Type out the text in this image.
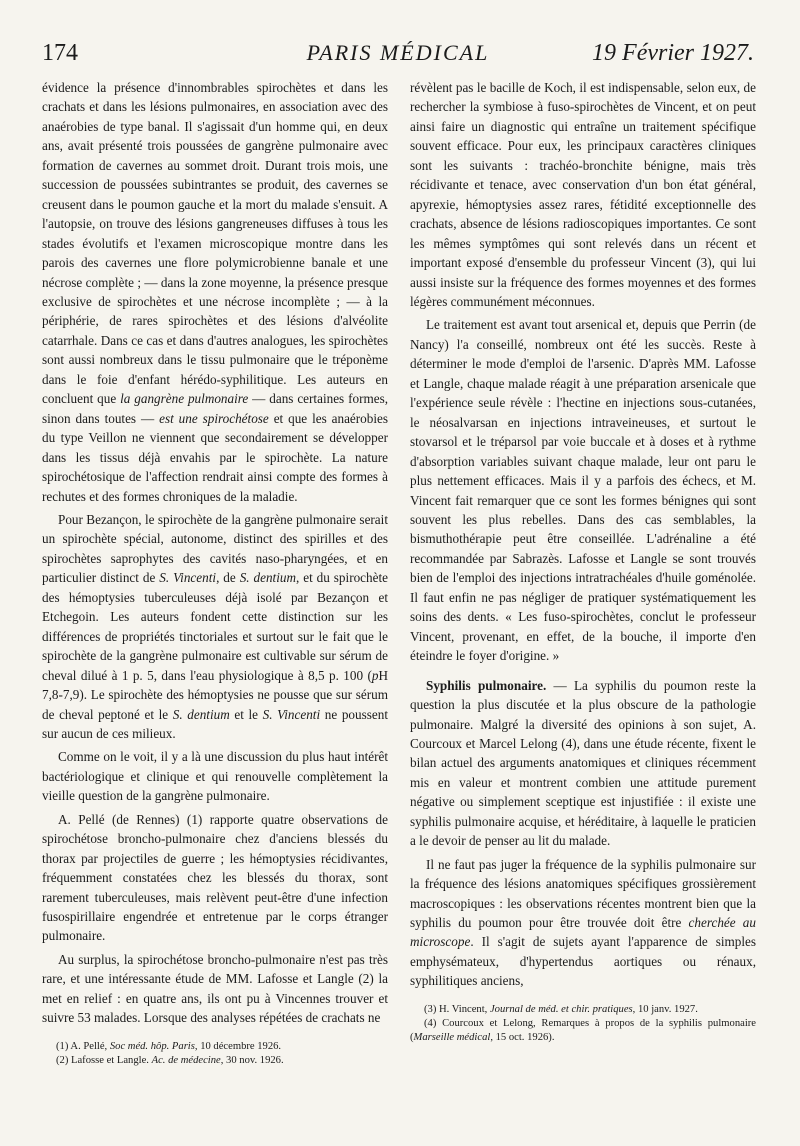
174	PARIS MÉDICAL	19 Février 1927.

évidence la présence d'innombrables spirochètes et dans les crachats et dans les lésions pulmonaires, en association avec des anaérobies de type banal. Il s'agissait d'un homme qui, en deux ans, avait présenté trois poussées de gangrène pulmonaire avec formation de cavernes au sommet droit. Durant trois mois, une succession de poussées subintrantes se produit, des cavernes se creusent dans le poumon gauche et la mort du malade s'ensuit. A l'autopsie, on trouve des lésions gangreneuses diffuses à tous les stades évolutifs et l'examen microscopique montre dans les parois des cavernes une flore polymicrobienne banale et une nécrose complète ; — dans la zone moyenne, la présence presque exclusive de spirochètes et une nécrose incomplète ; — à la périphérie, de rares spirochètes et des lésions d'alvéolite catarrhale. Dans ce cas et dans d'autres analogues, les spirochètes sont aussi nombreux dans le tissu pulmonaire que le tréponème dans le foie d'enfant hérédo-syphilitique. Les auteurs en concluent que la gangrène pulmonaire — dans certaines formes, sinon dans toutes — est une spirochétose et que les anaérobies du type Veillon ne viennent que secondairement se développer dans les tissus déjà envahis par le spirochète. La nature spirochétosique de l'affection rendrait ainsi compte des formes à rechutes et des formes chroniques de la maladie.

Pour Bezançon, le spirochète de la gangrène pulmonaire serait un spirochète spécial, autonome, distinct des spirilles et des spirochètes saprophytes des cavités naso-pharyngées, et en particulier distinct de S. Vincenti, de S. dentium, et du spirochète des hémoptysies tuberculeuses déjà isolé par Bezançon et Etchegoin. Les auteurs fondent cette distinction sur les différences de propriétés tinctoriales et surtout sur le fait que le spirochète de la gangrène pulmonaire est cultivable sur sérum de cheval dilué à 1 p. 5, dans l'eau physiologique à 8,5 p. 100 (pH 7,8-7,9). Le spirochète des hémoptysies ne pousse que sur sérum de cheval peptoné et le S. dentium et le S. Vincenti ne poussent sur aucun de ces milieux.

Comme on le voit, il y a là une discussion du plus haut intérêt bactériologique et clinique et qui renouvelle complètement la vieille question de la gangrène pulmonaire.

A. Pellé (de Rennes) (1) rapporte quatre observations de spirochétose broncho-pulmonaire chez d'anciens blessés du thorax par projectiles de guerre ; les hémoptysies récidivantes, fréquemment constatées chez les blessés du thorax, sont rarement tuberculeuses, mais relèvent peut-être d'une infection fusospirillaire engendrée et entretenue par le corps étranger pulmonaire.

Au surplus, la spirochétose broncho-pulmonaire n'est pas très rare, et une intéressante étude de MM. Lafosse et Langle (2) la met en relief : en quatre ans, ils ont pu à Vincennes trouver et suivre 53 malades. Lorsque des analyses répétées de crachats ne

(1) A. Pellé, Soc méd. hôp. Paris, 10 décembre 1926.

(2) Lafosse et Langle. Ac. de médecine, 30 nov. 1926.

révèlent pas le bacille de Koch, il est indispensable, selon eux, de rechercher la symbiose à fuso-spirochètes de Vincent, et on peut ainsi faire un diagnostic qui entraîne un traitement spécifique souvent efficace. Pour eux, les principaux caractères cliniques sont les suivants : trachéo-bronchite bénigne, mais très récidivante et tenace, avec conservation d'un bon état général, apyrexie, hémoptysies assez rares, fétidité exceptionnelle des crachats, absence de lésions radioscopiques importantes. Ce sont les mêmes symptômes qui sont relevés dans un récent et important exposé d'ensemble du professeur Vincent (3), qui lui aussi insiste sur la fréquence des formes moyennes et des formes légères communément méconnues.

Le traitement est avant tout arsenical et, depuis que Perrin (de Nancy) l'a conseillé, nombreux ont été les succès. Reste à déterminer le mode d'emploi de l'arsenic. D'après MM. Lafosse et Langle, chaque malade réagit à une préparation arsenicale que l'expérience seule révèle : l'hectine en injections sous-cutanées, le néosalvarsan en injections intraveineuses, et surtout le stovarsol et le tréparsol par voie buccale et à doses et à rythme d'absorption variables suivant chaque malade, leur ont paru le plus nettement efficaces. Mais il y a parfois des échecs, et M. Vincent fait remarquer que ce sont les formes bénignes qui sont souvent les plus rebelles. Dans des cas semblables, la bismuthothérapie peut être conseillée. L'adrénaline a été recommandée par Sabrazès. Lafosse et Langle se sont trouvés bien de l'emploi des injections intratrachéales d'huile goménolée. Il faut enfin ne pas négliger de pratiquer systématiquement les soins des dents. « Les fuso-spirochètes, conclut le professeur Vincent, provenant, en effet, de la bouche, il importe d'en éteindre le foyer d'origine. »

Syphilis pulmonaire. — La syphilis du poumon reste la question la plus discutée et la plus obscure de la pathologie pulmonaire. Malgré la diversité des opinions à son sujet, A. Courcoux et Marcel Lelong (4), dans une étude récente, fixent le bilan actuel des arguments anatomiques et cliniques récemment mis en valeur et montrent combien une attitude purement négative ou simplement sceptique est injustifiée : il existe une syphilis pulmonaire acquise, et héréditaire, à laquelle le praticien a le devoir de penser au lit du malade.

Il ne faut pas juger la fréquence de la syphilis pulmonaire sur la fréquence des lésions anatomiques spécifiques grossièrement macroscopiques : les observations récentes montrent bien que la syphilis du poumon pour être trouvée doit être cherchée au microscope. Il s'agit de sujets ayant l'apparence de simples emphysémateux, d'hypertendus aortiques ou rénaux, syphilitiques anciens,

(3) H. Vincent, Journal de méd. et chir. pratiques, 10 janv. 1927.

(4) Courcoux et Lelong, Remarques à propos de la syphilis pulmonaire (Marseille médical, 15 oct. 1926).
